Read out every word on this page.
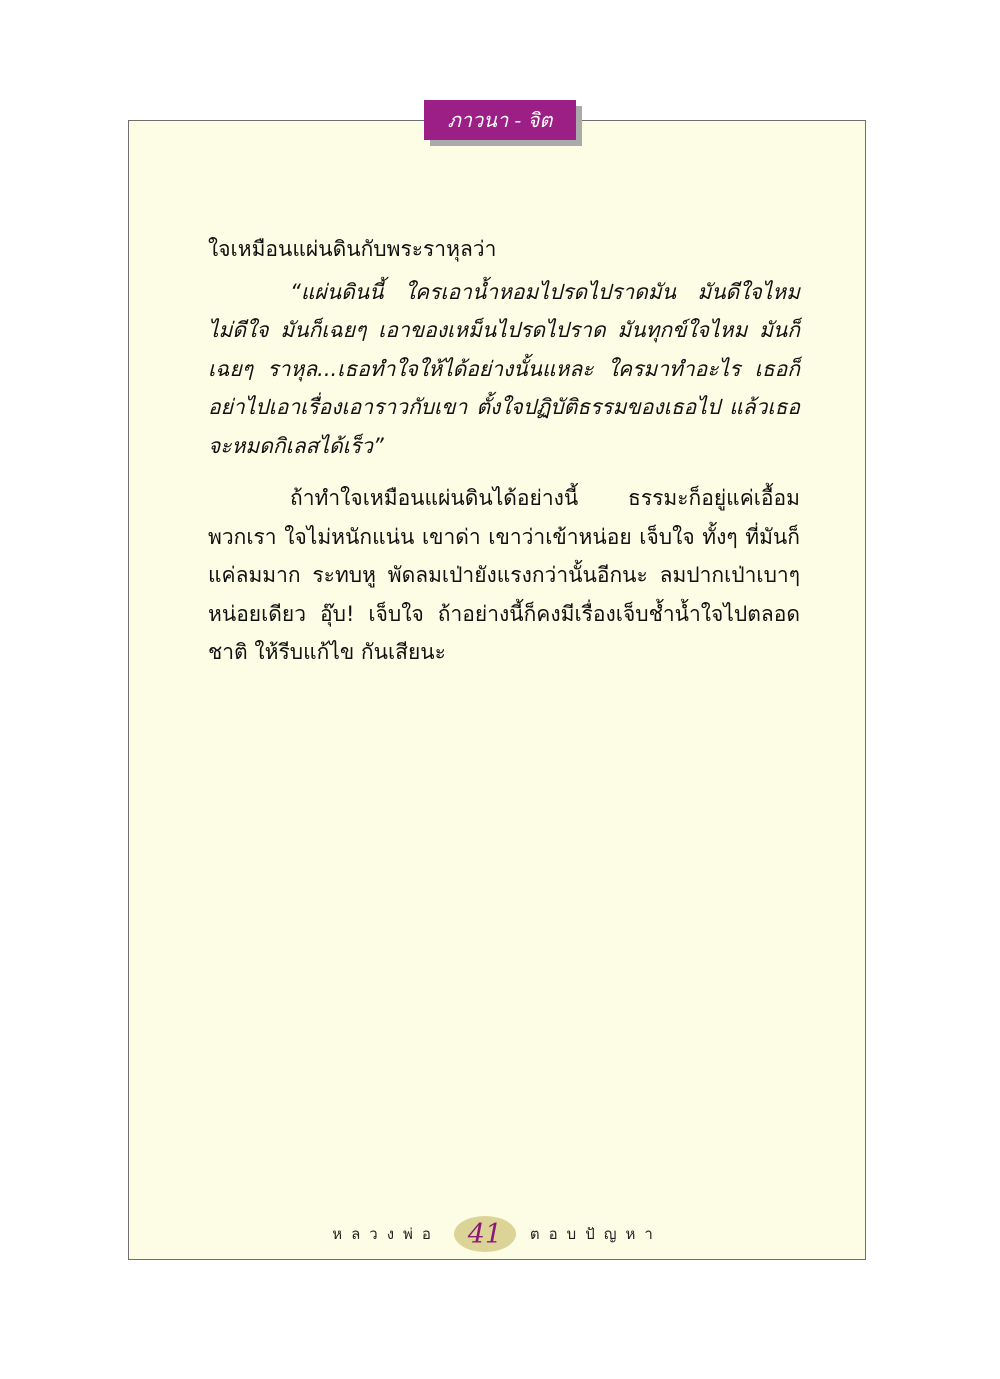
ภาวนา - จิต

ใจเหมือนแผ่นดินกับพระราหุลว่า

“แผ่นดินนี้ ใครเอาน้ำหอมไปรดไปราดมัน มันดีใจไหม ไม่ดีใจ มันก็เฉยๆ เอาของเหม็นไปรดไปราด มันทุกข์ใจไหม มันก็เฉยๆ ราหุล...เธอทำใจให้ได้อย่างนั้นแหละ ใครมาทำอะไร เธอก็อย่าไปเอาเรื่องเอาราวกับเขา ตั้งใจปฏิบัติธรรมของเธอไป แล้วเธอจะหมดกิเลสได้เร็ว”

ถ้าทำใจเหมือนแผ่นดินได้อย่างนี้ ธรรมะก็อยู่แค่เอื้อม พวกเรา ใจไม่หนักแน่น เขาด่า เขาว่าเข้าหน่อย เจ็บใจ ทั้งๆ ที่มันก็แค่ลมมาก ระทบหู พัดลมเป่ายังแรงกว่านั้นอีกนะ ลมปากเป่าเบาๆ หน่อยเดียว อุ๊บ! เจ็บใจ ถ้าอย่างนี้ก็คงมีเรื่องเจ็บช้ำน้ำใจไปตลอดชาติ ให้รีบแก้ไข กันเสียนะ

หลวงพ่อ 41 ตอบปัญหา
